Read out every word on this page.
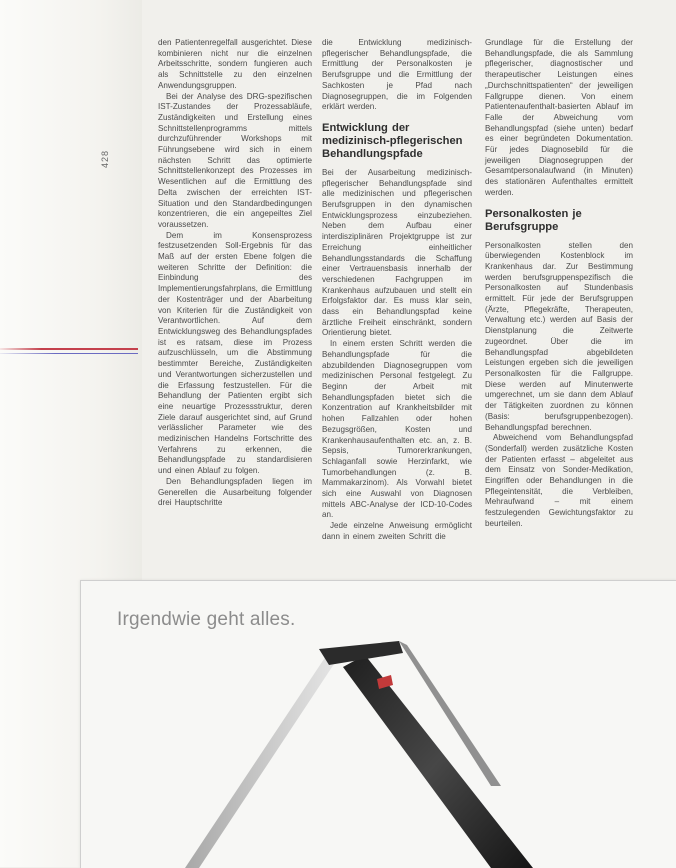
428

den Patientenregelfall ausgerichtet. Diese kombinieren nicht nur die einzelnen Arbeitsschritte, sondern fungieren auch als Schnittstelle zu den einzelnen Anwendungsgruppen.

Bei der Analyse des DRG-spezifischen IST-Zustandes der Prozessabläufe, Zuständigkeiten und Erstellung eines Schnittstellenprogramms mittels durchzuführender Workshops mit Führungsebene wird sich in einem nächsten Schritt das optimierte Schnittstellenkonzept des Prozesses im Wesentlichen auf die Ermittlung des Delta zwischen der erreichten IST-Situation und den Standardbedingungen konzentrieren, die ein angepeiltes Ziel voraussetzen.

Dem im Konsensprozess festzusetzenden Soll-Ergebnis für das Maß auf der ersten Ebene folgen die weiteren Schritte der Definition: die Einbindung des Implementierungsfahrplans, die Ermittlung der Kostenträger und der Abarbeitung von Kriterien für die Zuständigkeit von Verantwortlichen. Auf dem Entwicklungsweg des Behandlungspfades ist es ratsam, diese im Prozess aufzuschlüsseln, um die Abstimmung bestimmter Bereiche, Zuständigkeiten und Verantwortungen sicherzustellen und die Erfassung festzustellen. Für die Behandlung der Patienten ergibt sich eine neuartige Prozessstruktur, deren Ziele darauf ausgerichtet sind, auf Grund verlässlicher Parameter wie des medizinischen Handelns Fortschritte des Verfahrens zu erkennen, die Behandlungspfade zu standardisieren und einen Ablauf zu folgen.

Den Behandlungspfaden liegen im Generellen die Ausarbeitung folgender drei Hauptschritte

die Entwicklung medizinisch-pflegerischer Behandlungspfade, die Ermittlung der Personalkosten je Berufsgruppe und die Ermittlung der Sachkosten je Pfad nach Diagnosegruppen, die im Folgenden erklärt werden.

Entwicklung der medizinisch-pflegerischen Behandlungspfade

Bei der Ausarbeitung medizinisch-pflegerischer Behandlungspfade sind alle medizinischen und pflegerischen Berufsgruppen in den dynamischen Entwicklungsprozess einzubeziehen. Neben dem Aufbau einer interdisziplinären Projektgruppe ist zur Erreichung einheitlicher Behandlungsstandards die Schaffung einer Vertrauensbasis innerhalb der verschiedenen Fachgruppen im Krankenhaus aufzubauen und stellt ein Erfolgsfaktor dar. Es muss klar sein, dass ein Behandlungspfad keine ärztliche Freiheit einschränkt, sondern Orientierung bietet.

In einem ersten Schritt werden die Behandlungspfade für die abzubildenden Diagnosegruppen vom medizinischen Personal festgelegt. Zu Beginn der Arbeit mit Behandlungspfaden bietet sich die Konzentration auf Krankheitsbilder mit hohen Fallzahlen oder hohen Bezugsgrößen, Kosten und Krankenhausaufenthalten etc. an, z. B. Sepsis, Tumorerkrankungen, Schlaganfall sowie Herzinfarkt, wie Tumorbehandlungen (z. B. Mammakarzinom). Als Vorwahl bietet sich eine Auswahl von Diagnosen mittels ABC-Analyse der ICD-10-Codes an.

Jede einzelne Anweisung ermöglicht dann in einem zweiten Schritt die

Grundlage für die Erstellung der Behandlungspfade, die als Sammlung pflegerischer, diagnostischer und therapeutischer Leistungen eines „Durchschnittspatienten“ der jeweiligen Fallgruppe dienen. Von einem Patientenaufenthalt-basierten Ablauf im Falle der Abweichung vom Behandlungspfad (siehe unten) bedarf es einer begründeten Dokumentation. Für jedes Diagnosebild für die jeweiligen Diagnosegruppen der Gesamtpersonalaufwand (in Minuten) des stationären Aufenthaltes ermittelt werden.

Personalkosten je Berufsgruppe

Personalkosten stellen den überwiegenden Kostenblock im Krankenhaus dar. Zur Bestimmung werden berufsgruppenspezifisch die Personalkosten auf Stundenbasis ermittelt. Für jede der Berufsgruppen (Ärzte, Pflegekräfte, Therapeuten, Verwaltung etc.) werden auf Basis der Dienstplanung die Zeitwerte zugeordnet. Über die im Behandlungspfad abgebildeten Leistungen ergeben sich die jeweiligen Personalkosten für die Fallgruppe. Diese werden auf Minutenwerte umgerechnet, um sie dann dem Ablauf der Tätigkeiten zuordnen zu können (Basis: berufsgruppenbezogen). Behandlungspfad berechnen.

Abweichend vom Behandlungspfad (Sonderfall) werden zusätzliche Kosten der Patienten erfasst – abgeleitet aus dem Einsatz von Sonder-Medikation, Eingriffen oder Behandlungen in die Pflegeintensität, die Verbleiben, Mehraufwand – mit einem festzulegenden Gewichtungsfaktor zu beurteilen.

Irgendwie geht alles.
